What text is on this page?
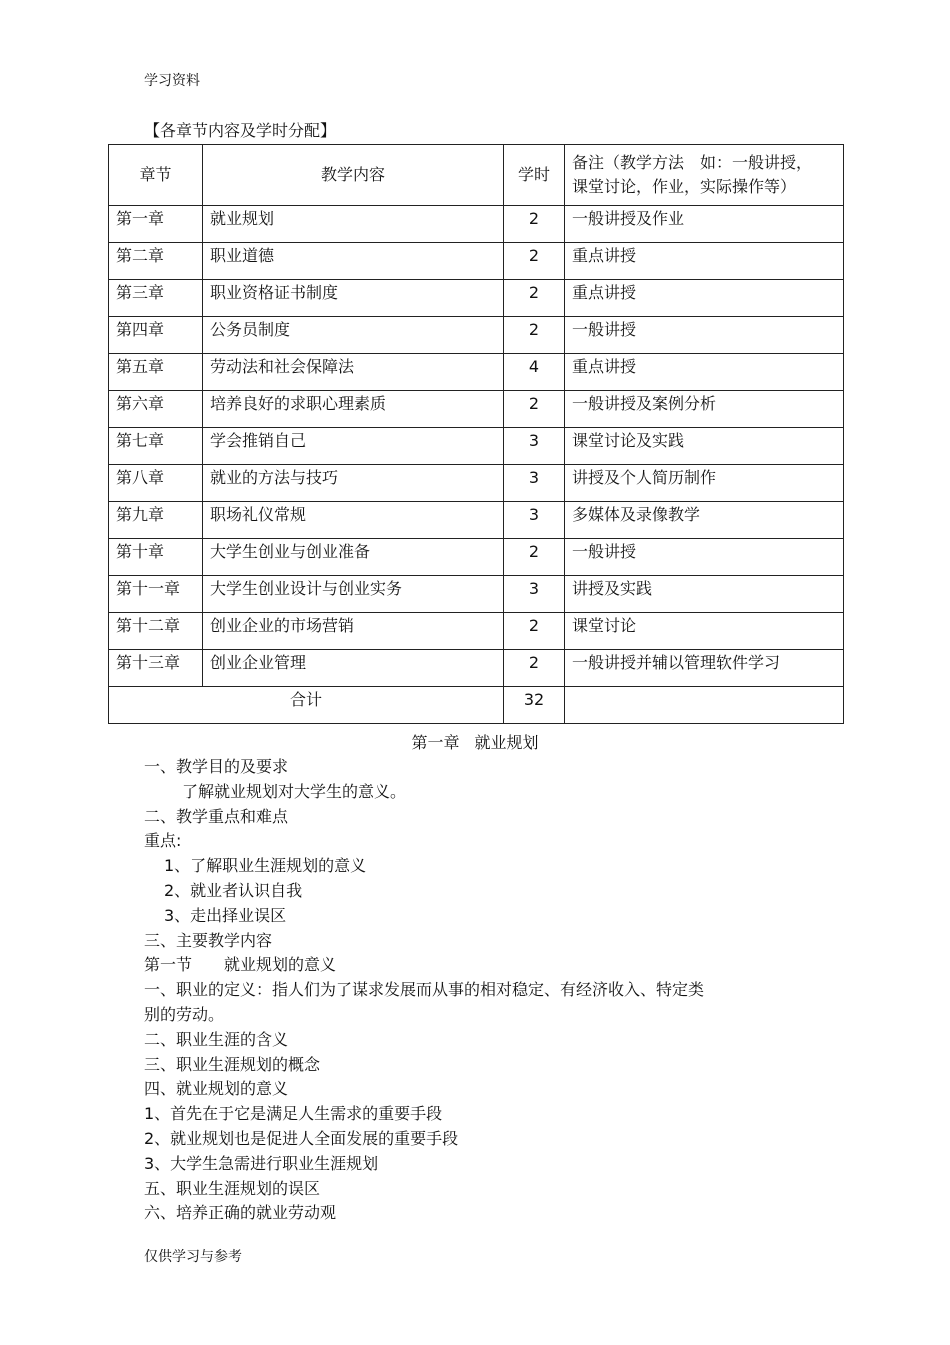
学习资料
【各章节内容及学时分配】
章节	教学内容	学时	备注（教学方法　如：一般讲授，
课堂讨论，作业，实际操作等）

第一章	就业规划	2	一般讲授及作业
第二章	职业道德	2	重点讲授
第三章	职业资格证书制度	2	重点讲授
第四章	公务员制度	2	一般讲授
第五章	劳动法和社会保障法	4	重点讲授
第六章	培养良好的求职心理素质	2	一般讲授及案例分析
第七章	学会推销自己	3	课堂讨论及实践
第八章	就业的方法与技巧	3	讲授及个人简历制作
第九章	职场礼仪常规	3	多媒体及录像教学
第十章	大学生创业与创业准备	2	一般讲授
第十一章	大学生创业设计与创业实务	3	讲授及实践
第十二章	创业企业的市场营销	2	课堂讨论
第十三章	创业企业管理	2	一般讲授并辅以管理软件学习
合计		32	
第一章 就业规划
一、教学目的及要求
了解就业规划对大学生的意义。
二、教学重点和难点
重点:
1、了解职业生涯规划的意义
2、就业者认识自我
3、走出择业误区
三、主要教学内容
第一节　　就业规划的意义
一、职业的定义：指人们为了谋求发展而从事的相对稳定、有经济收入、特定类
别的劳动。
二、职业生涯的含义
三、职业生涯规划的概念
四、就业规划的意义
1、首先在于它是满足人生需求的重要手段
2、就业规划也是促进人全面发展的重要手段
3、大学生急需进行职业生涯规划
五、职业生涯规划的误区
六、培养正确的就业劳动观
仅供学习与参考
